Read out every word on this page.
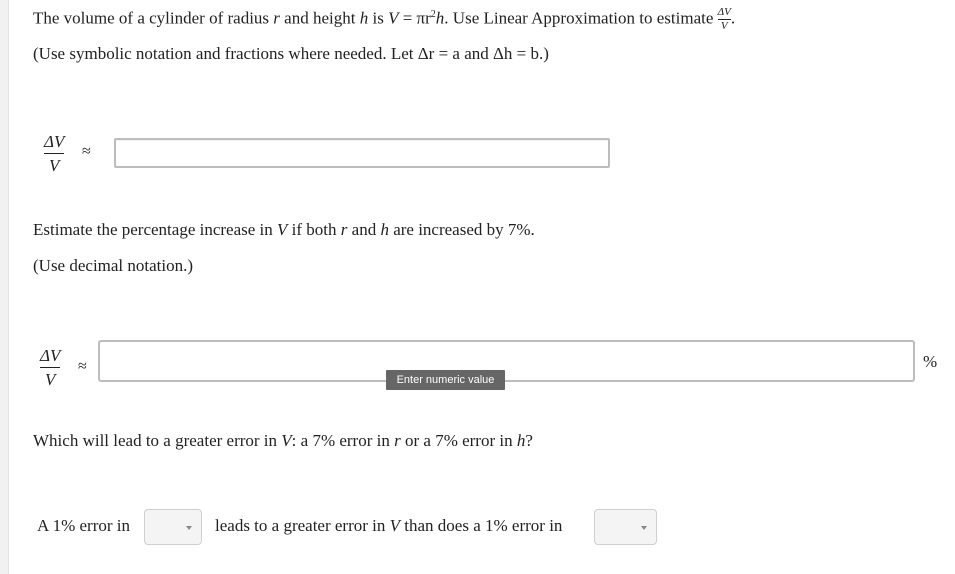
The volume of a cylinder of radius r and height h is $V = \pi r^2h$. Use Linear Approximation to estimate $\frac{\Delta V}{V}$ .
(Use symbolic notation and fractions where needed. Let Δr = a and Δh = b.)
ΔV
V
≈
Estimate the percentage increase in V if both r and h are increased by 7%.
(Use decimal notation.)
ΔV
V
≈
Enter numeric value
%
Which will lead to a greater error in V: a 7% error in r or a 7% error in h?
A 1% error in	leads to a greater error in V than does a 1% error in
